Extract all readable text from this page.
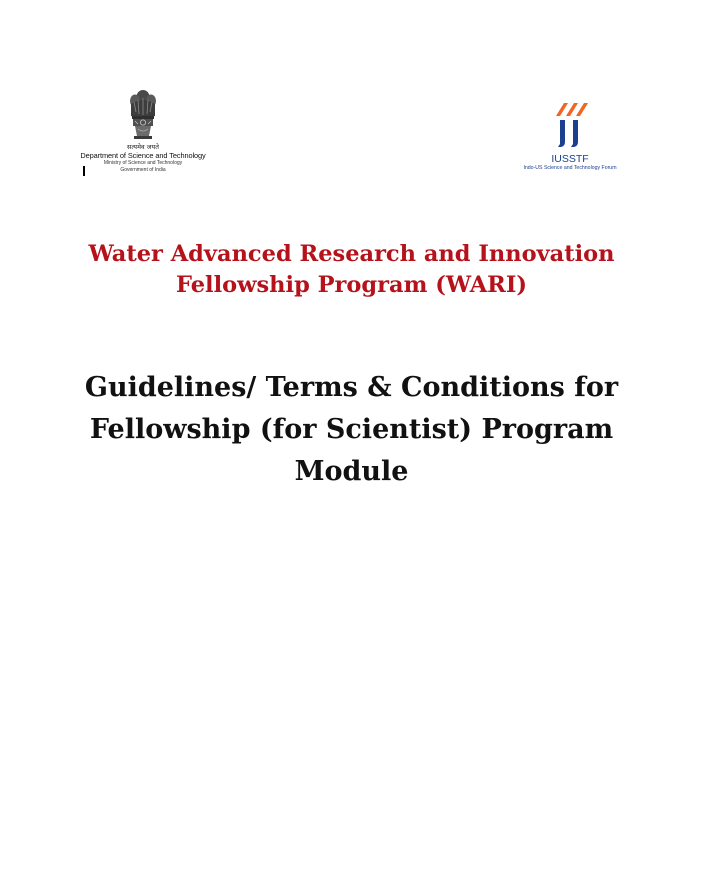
सत्यमेव जयते
Department of Science and Technology
Ministry of Science and Technology
Government of India
IUSSTF
Indo-US Science and Technology Forum
Water Advanced Research and Innovation
Fellowship Program (WARI)
Guidelines/ Terms & Conditions for
Fellowship (for Scientist) Program
Module
